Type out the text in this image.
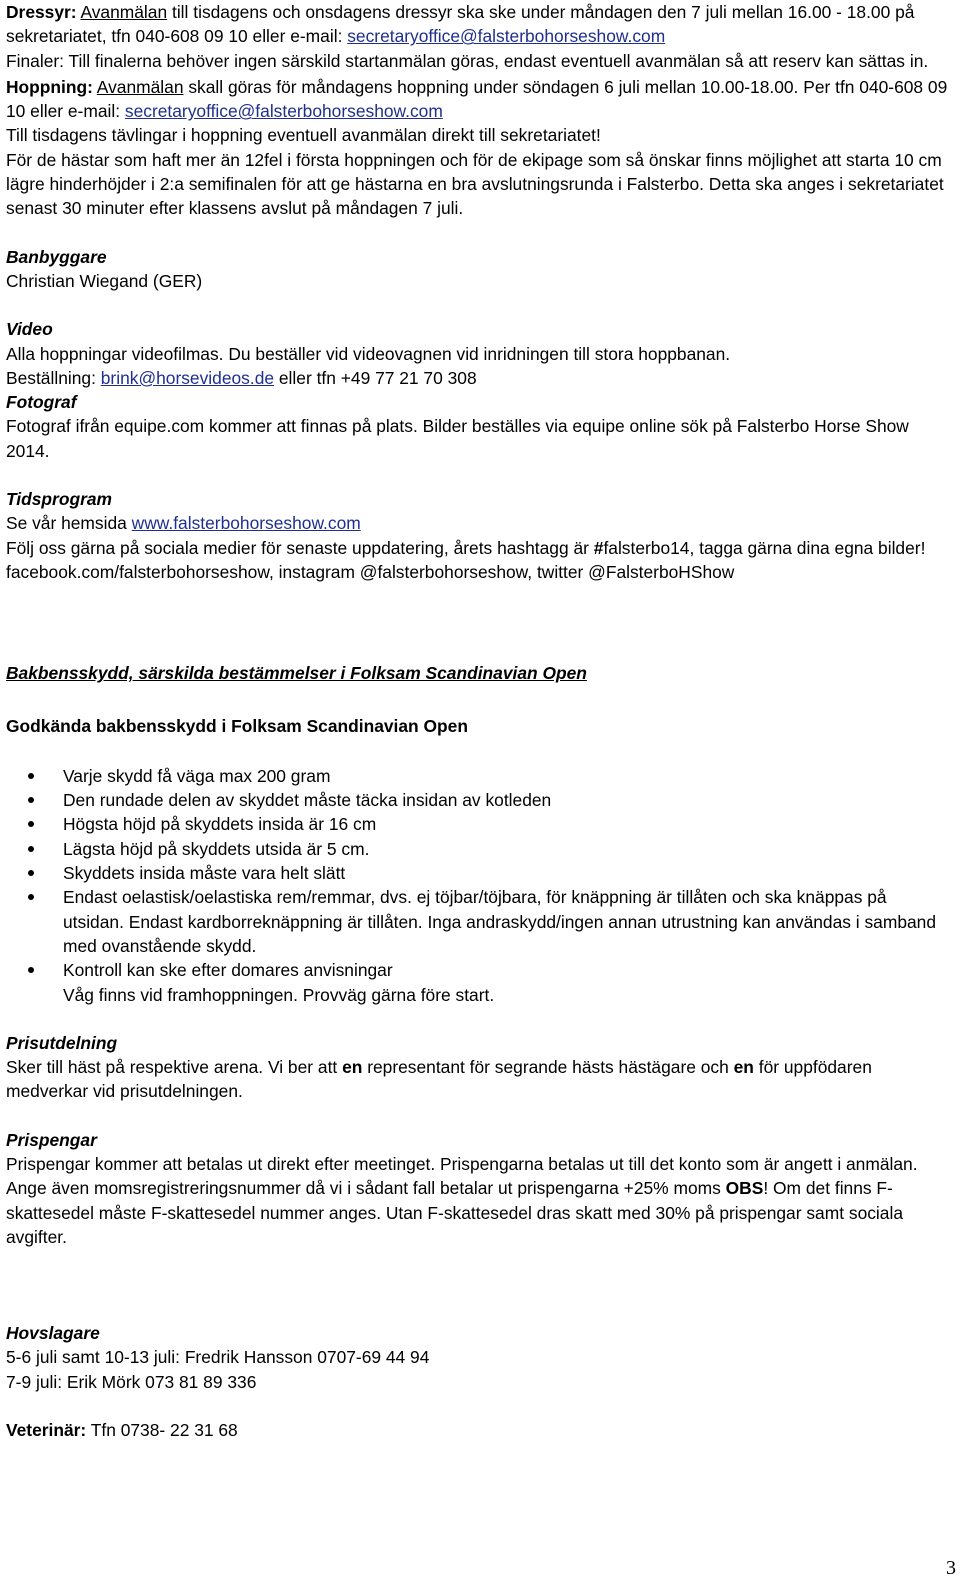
Dressyr: Avanmälan till tisdagens och onsdagens dressyr ska ske under måndagen den 7 juli mellan 16.00 - 18.00 på sekretariatet, tfn 040-608 09 10 eller e-mail: secretaryoffice@falsterbohorseshow.com

Finaler: Till finalerna behöver ingen särskild startanmälan göras, endast eventuell avanmälan så att reserv kan sättas in.

Hoppning: Avanmälan skall göras för måndagens hoppning under söndagen 6 juli mellan 10.00-18.00. Per tfn 040-608 09 10 eller e-mail: secretaryoffice@falsterbohorseshow.com

Till tisdagens tävlingar i hoppning eventuell avanmälan direkt till sekretariatet!

För de hästar som haft mer än 12fel i första hoppningen och för de ekipage som så önskar finns möjlighet att starta 10 cm lägre hinderhöjder i 2:a semifinalen för att ge hästarna en bra avslutningsrunda i Falsterbo. Detta ska anges i sekretariatet senast 30 minuter efter klassens avslut på måndagen 7 juli.

Banbyggare

Christian Wiegand (GER)

Video

Alla hoppningar videofilmas. Du beställer vid videovagnen vid inridningen till stora hoppbanan.

Beställning: brink@horsevideos.de eller tfn +49 77 21 70 308

Fotograf

Fotograf ifrån equipe.com kommer att finnas på plats. Bilder beställes via equipe online sök på Falsterbo Horse Show 2014.

Tidsprogram

Se vår hemsida www.falsterbohorseshow.com

Följ oss gärna på sociala medier för senaste uppdatering, årets hashtagg är #falsterbo14, tagga gärna dina egna bilder! facebook.com/falsterbohorseshow, instagram @falsterbohorseshow, twitter @FalsterboHShow

Bakbensskydd, särskilda bestämmelser i Folksam Scandinavian Open

Godkända bakbensskydd i Folksam Scandinavian Open

Varje skydd få väga max 200 gram
Den rundade delen av skyddet måste täcka insidan av kotleden
Högsta höjd på skyddets insida är 16 cm
Lägsta höjd på skyddets utsida är 5 cm.
Skyddets insida måste vara helt slätt
Endast oelastisk/oelastiska rem/remmar, dvs. ej töjbar/töjbara, för knäppning är tillåten och ska knäppas på utsidan. Endast kardborreknäppning är tillåten. Inga andraskydd/ingen annan utrustning kan användas i samband med ovanstående skydd.
Kontroll kan ske efter domares anvisningar

Våg finns vid framhoppningen. Provväg gärna före start.

Prisutdelning

Sker till häst på respektive arena. Vi ber att en representant för segrande hästs hästägare och en för uppfödaren medverkar vid prisutdelningen.

Prispengar

Prispengar kommer att betalas ut direkt efter meetinget. Prispengarna betalas ut till det konto som är angett i anmälan. Ange även momsregistreringsnummer då vi i sådant fall betalar ut prispengarna +25% moms OBS! Om det finns F-skattesedel måste F-skattesedel nummer anges. Utan F-skattesedel dras skatt med 30% på prispengar samt sociala avgifter.

Hovslagare

5-6 juli samt 10-13 juli: Fredrik Hansson 0707-69 44 94

7-9 juli: Erik Mörk 073 81 89 336

Veterinär: Tfn 0738- 22 31 68

3
